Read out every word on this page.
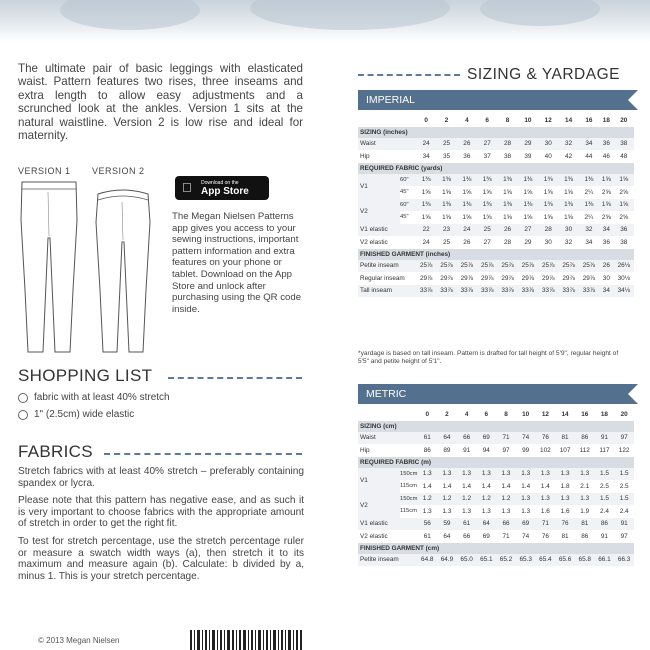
The ultimate pair of basic leggings with elasticated waist. Pattern features two rises, three inseams and extra length to allow easy adjustments and a scrunched look at the ankles. Version 1 sits at the natural waistline. Version 2 is low rise and ideal for maternity.

VERSION 1 VERSION 2
Download on the
App Store

The Megan Nielsen Patterns app gives you access to your sewing instructions, important pattern information and extra features on your phone or tablet. Download on the App Store and unlock after purchasing using the QR code inside.

SHOPPING LIST
fabric with at least 40% stretch
1" (2.5cm) wide elastic
FABRICS

Stretch fabrics with at least 40% stretch – preferably containing spandex or lycra.

Please note that this pattern has negative ease, and as such it is very important to choose fabrics with the appropriate amount of stretch in order to get the right fit.

To test for stretch percentage, use the stretch percentage ruler or measure a swatch width ways (a), then stretch it to its maximum and measure again (b). Calculate: b divided by a, minus 1. This is your stretch percentage.

© 2013 Megan Nielsen
SIZING & YARDAGE
IMPERIAL
		0	2	4	6	8	10	12	14	16	18	20
SIZING (inches)												
Waist		24	25	26	27	28	29	30	32	34	36	38
Hip		34	35	36	37	38	39	40	42	44	46	48
REQUIRED FABRIC (yards)												
V1	60"	1⅜	1⅜	1⅜	1⅜	1⅜	1⅜	1⅜	1⅜	1⅜	1⅝	1⅝
	45"	1⅝	1⅝	1⅝	1⅝	1⅝	1⅝	1⅝	1⅝	2¼	2⅝	2⅝
V2	60"	1⅜	1⅜	1⅜	1⅜	1⅜	1⅜	1⅜	1⅜	1⅜	1⅝	1⅝
	45"	1⅝	1⅝	1⅝	1⅝	1⅝	1⅝	1⅝	1⅝	2¼	2⅝	2⅝
V1 elastic		22	23	24	25	26	27	28	30	32	34	36
V2 elastic		24	25	26	27	28	29	30	32	34	36	38
FINISHED GARMENT (inches)												
Petite inseam		25⅞	25⅞	25⅞	25⅞	25⅞	25⅞	25⅞	25⅞	25⅞	26	26⅛
Regular inseam		29⅞	29⅞	29⅞	29⅞	29⅞	29⅞	29⅞	29⅞	29⅞	30	30⅛
Tall inseam		33⅞	33⅞	33⅞	33⅞	33⅞	33⅞	33⅞	33⅞	33⅞	34	34⅛
*yardage is based on tall inseam. Pattern is drafted for tall height of 5'9", regular height of 5'5" and petite height of 5'1".
METRIC
		0	2	4	6	8	10	12	14	16	18	20
SIZING (cm)												
Waist		61	64	66	69	71	74	76	81	86	91	97
Hip		86	89	91	94	97	99	102	107	112	117	122
REQUIRED FABRIC (m)												
V1	150cm	1.3	1.3	1.3	1.3	1.3	1.3	1.3	1.3	1.3	1.5	1.5
	115cm	1.4	1.4	1.4	1.4	1.4	1.4	1.4	1.8	2.1	2.5	2.5
V2	150cm	1.2	1.2	1.2	1.2	1.2	1.3	1.3	1.3	1.3	1.5	1.5
	115cm	1.3	1.3	1.3	1.3	1.3	1.3	1.6	1.6	1.9	2.4	2.4
V1 elastic		56	59	61	64	66	69	71	76	81	86	91
V2 elastic		61	64	66	69	71	74	76	81	86	91	97
FINISHED GARMENT (cm)												
Petite inseam		64.8	64.9	65.0	65.1	65.2	65.3	65.4	65.6	65.8	66.1	66.3
